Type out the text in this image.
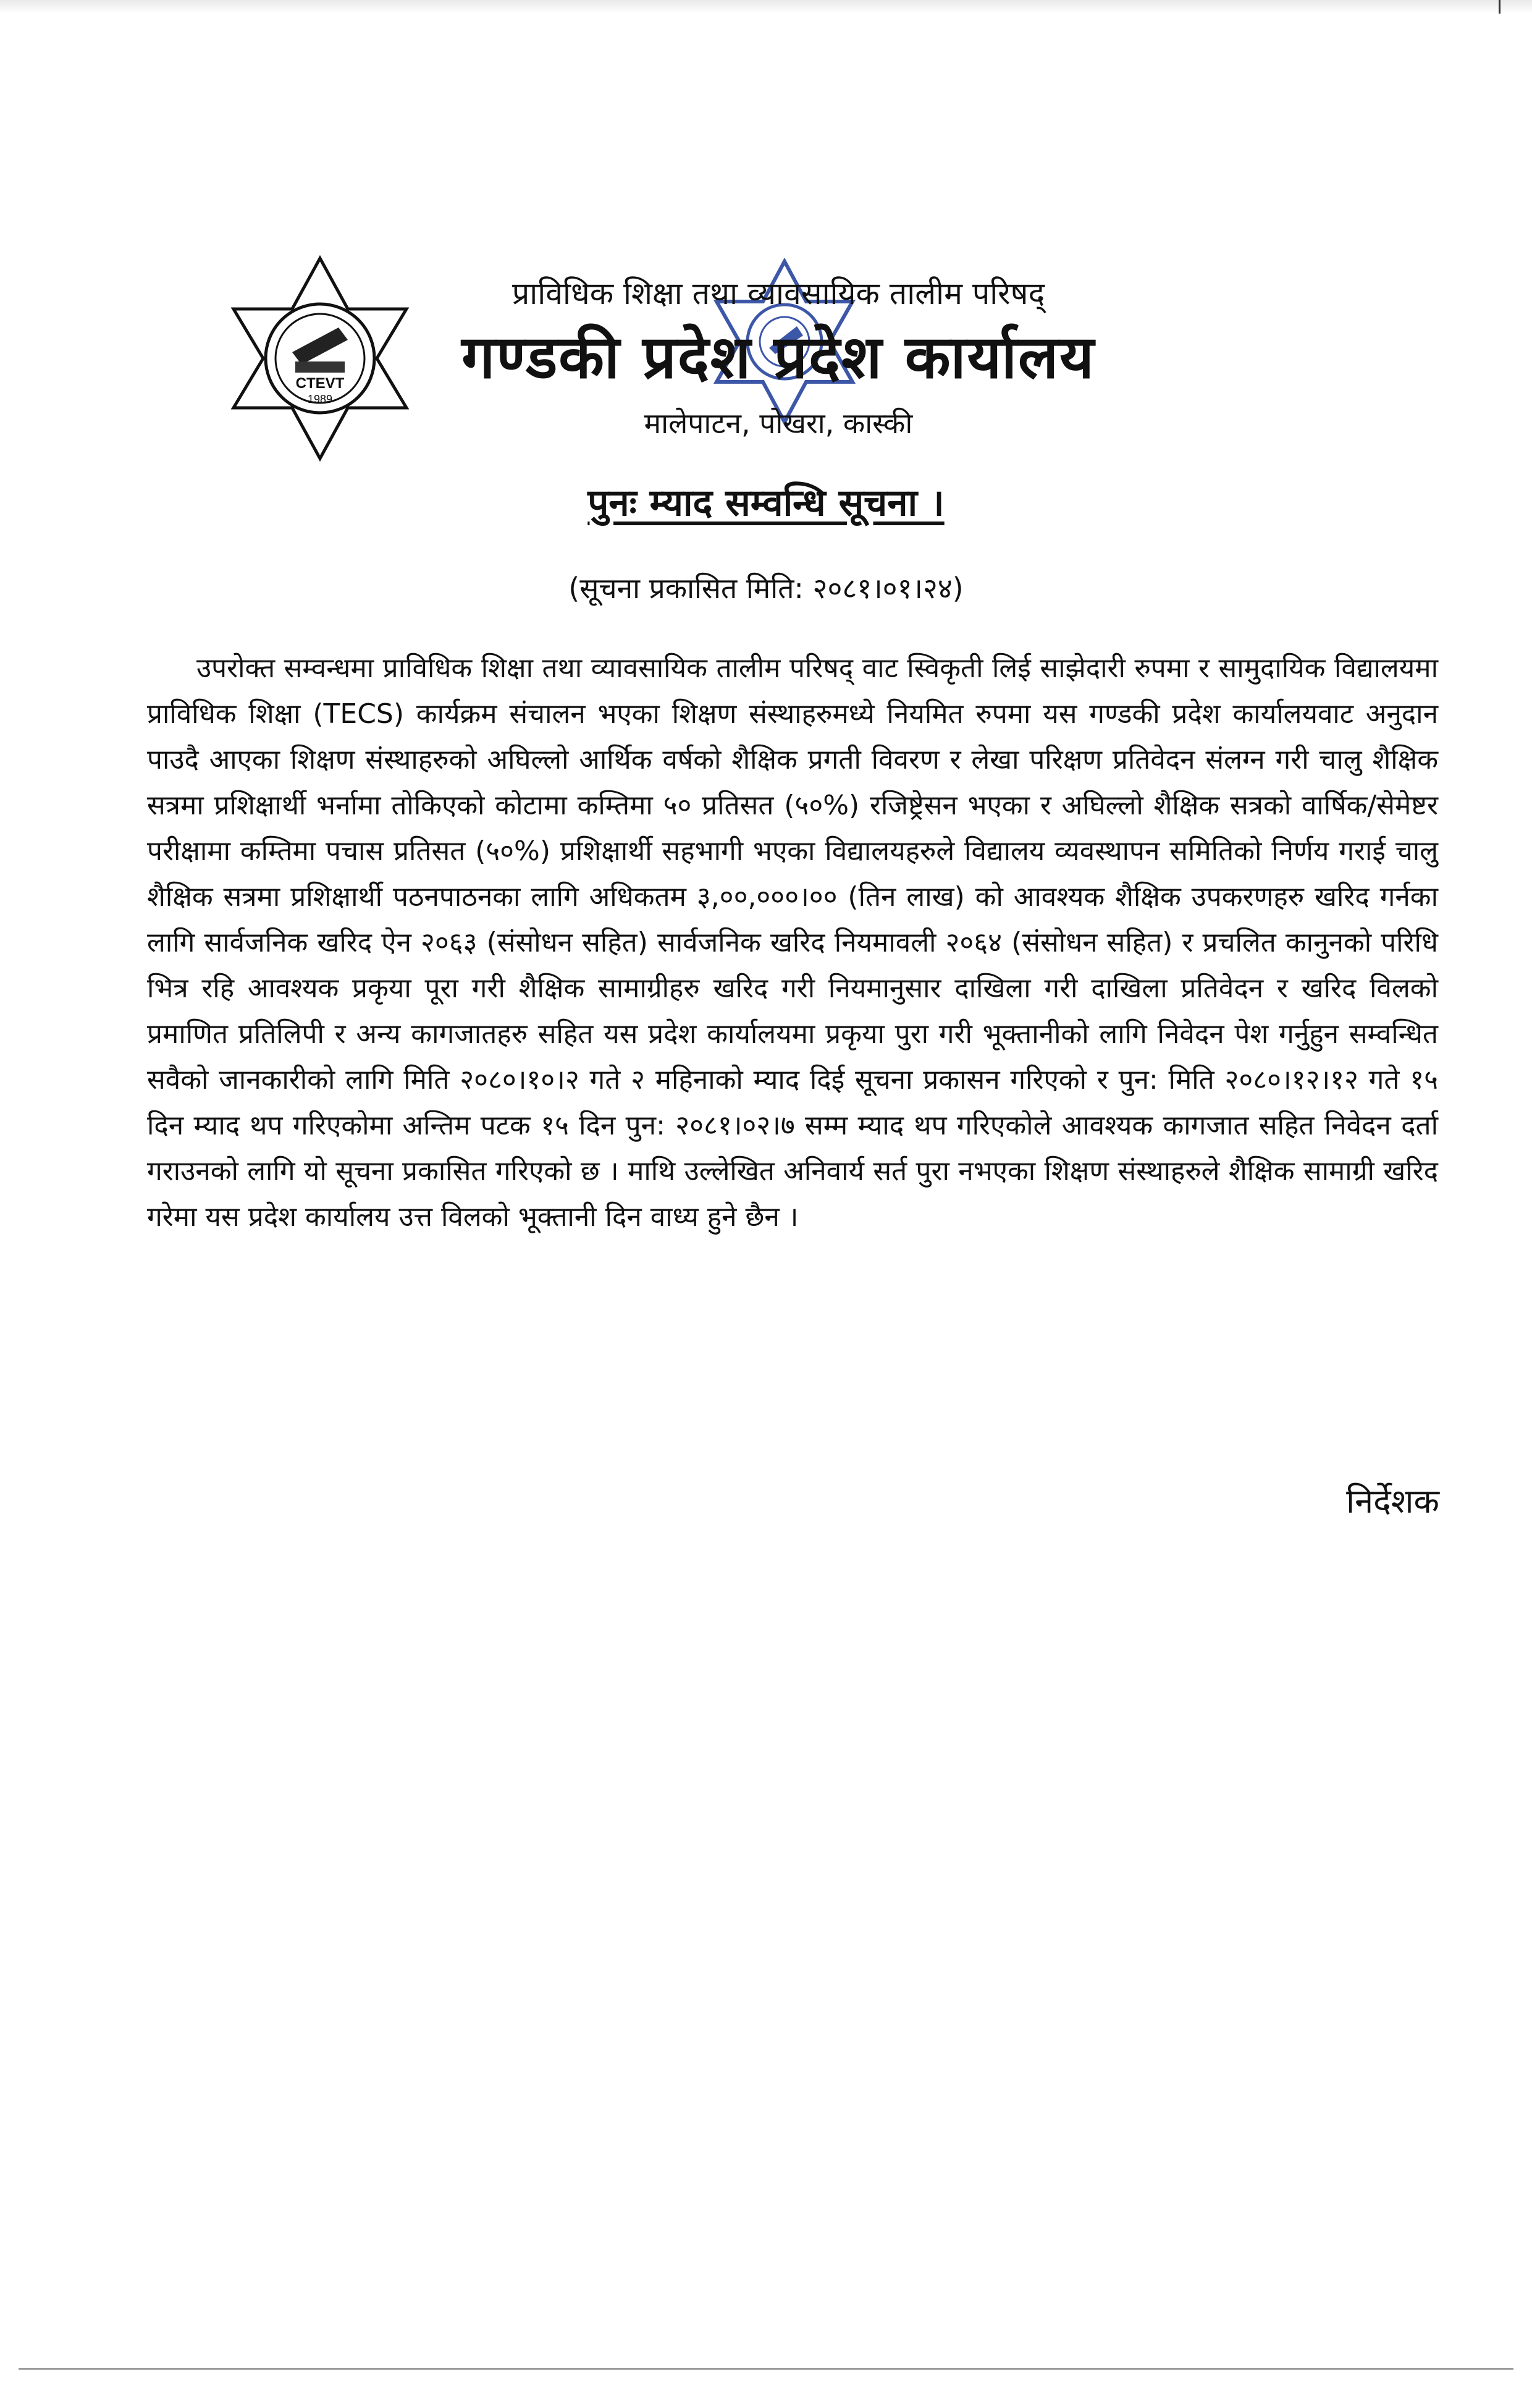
CTEVT
1989
प्राविधिक शिक्षा तथा व्यावसायिक तालीम परिषद्
गण्डकी प्रदेश प्रदेश कार्यालय
मालेपाटन, पोखरा, कास्की
पुनः म्याद सम्वन्धि सूचना ।
(सूचना प्रकासित मिति: २०८१।०१।२४)
उपरोक्त सम्वन्धमा प्राविधिक शिक्षा तथा व्यावसायिक तालीम परिषद् वाट स्विकृती लिई साझेदारी रुपमा र सामुदायिक विद्यालयमा प्राविधिक शिक्षा (TECS) कार्यक्रम संचालन भएका शिक्षण संस्थाहरुमध्ये नियमित रुपमा यस गण्डकी प्रदेश कार्यालयवाट अनुदान पाउदै आएका शिक्षण संस्थाहरुको अघिल्लो आर्थिक वर्षको शैक्षिक प्रगती विवरण र लेखा परिक्षण प्रतिवेदन संलग्न गरी चालु शैक्षिक सत्रमा प्रशिक्षार्थी भर्नामा तोकिएको कोटामा कम्तिमा ५० प्रतिसत (५०%) रजिष्ट्रेसन भएका र अघिल्लो शैक्षिक सत्रको वार्षिक/सेमेष्टर परीक्षामा कम्तिमा पचास प्रतिसत (५०%) प्रशिक्षार्थी सहभागी भएका विद्यालयहरुले विद्यालय व्यवस्थापन समितिको निर्णय गराई चालु शैक्षिक सत्रमा प्रशिक्षार्थी पठनपाठनका लागि अधिकतम ३,००,०००।०० (तिन लाख) को आवश्यक शैक्षिक उपकरणहरु खरिद गर्नका लागि सार्वजनिक खरिद ऐन २०६३ (संसोधन सहित) सार्वजनिक खरिद नियमावली २०६४ (संसोधन सहित) र प्रचलित कानुनको परिधि भित्र रहि आवश्यक प्रकृया पूरा गरी शैक्षिक सामाग्रीहरु खरिद गरी नियमानुसार दाखिला गरी दाखिला प्रतिवेदन र खरिद विलको प्रमाणित प्रतिलिपी र अन्य कागजातहरु सहित यस प्रदेश कार्यालयमा प्रकृया पुरा गरी भूक्तानीको लागि निवेदन पेश गर्नुहुन सम्वन्धित सवैको जानकारीको लागि मिति २०८०।१०।२ गते २ महिनाको म्याद दिई सूचना प्रकासन गरिएको र पुन: मिति २०८०।१२।१२ गते १५ दिन म्याद थप गरिएकोमा अन्तिम पटक १५ दिन पुन: २०८१।०२।७ सम्म म्याद थप गरिएकोले आवश्यक कागजात सहित निवेदन दर्ता गराउनको लागि यो सूचना प्रकासित गरिएको छ । माथि उल्लेखित अनिवार्य सर्त पुरा नभएका शिक्षण संस्थाहरुले शैक्षिक सामाग्री खरिद गरेमा यस प्रदेश कार्यालय उत्त विलको भूक्तानी दिन वाध्य हुने छैन ।
निर्देशक
